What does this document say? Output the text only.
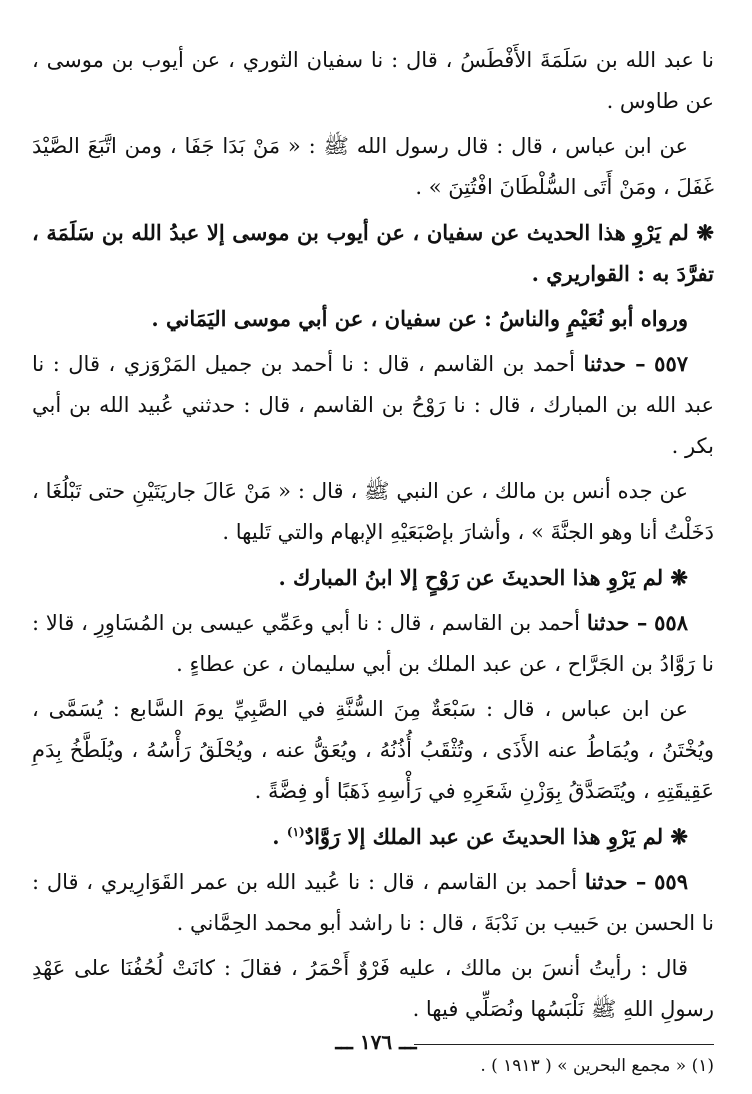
نا عبد الله بن سَلَمَةَ الأَفْطَسُ ، قال : نا سفيان الثوري ، عن أيوب بن موسى ، عن طاوس .

عن ابن عباس ، قال : قال رسول الله ﷺ : « مَنْ بَدَا جَفَا ، ومن اتَّبَعَ الصَّيْدَ غَفَلَ ، ومَنْ أَتَى السُّلْطَانَ افْتُتِنَ » .

❋ لم يَرْوِ هذا الحديث عن سفيان ، عن أيوب بن موسى إلا عبدُ الله بن سَلَمَة ، تفرَّدَ به : القواريري .

ورواه أبو نُعَيْمٍ والناسُ : عن سفيان ، عن أبي موسى اليَمَاني .

٥٥٧ – حدثنا أحمد بن القاسم ، قال : نا أحمد بن جميل المَرْوَزي ، قال : نا عبد الله بن المبارك ، قال : نا رَوْحُ بن القاسم ، قال : حدثني عُبيد الله بن أبي بكر .

عن جده أنس بن مالك ، عن النبي ﷺ ، قال : « مَنْ عَالَ جاريَتَيْنِ حتى تَبْلُغَا ، دَخَلْتُ أنا وهو الجنَّةَ » ، وأشارَ بإصْبَعَيْهِ الإبهام والتي تَليها .

❋ لم يَرْوِ هذا الحديثَ عن رَوْحٍ إلا ابنُ المبارك .

٥٥٨ – حدثنا أحمد بن القاسم ، قال : نا أبي وعَمِّي عيسى بن المُسَاوِرِ ، قالا : نا رَوَّادُ بن الجَرَّاح ، عن عبد الملك بن أبي سليمان ، عن عطاءٍ .

عن ابن عباس ، قال : سَبْعَةٌ مِنَ السُّنَّةِ في الصَّبِيِّ يومَ السَّابع : يُسَمَّى ، ويُخْتَنُ ، ويُمَاطُ عنه الأَذَى ، وتُثْقَبُ أُذُنُهُ ، ويُعَقُّ عنه ، ويُحْلَقُ رَأْسُهُ ، ويُلَطَّخُ بِدَمِ عَقِيقَتِهِ ، ويُتَصَدَّقُ بِوَزْنِ شَعَرِهِ في رَأْسِهِ ذَهَبًا أو فِضَّةً .

❋ لم يَرْوِ هذا الحديثَ عن عبد الملك إلا رَوَّادٌ$^{(١)}$ .

٥٥٩ – حدثنا أحمد بن القاسم ، قال : نا عُبيد الله بن عمر القَوَارِيري ، قال : نا الحسن بن حَبيب بن نَدْبَةَ ، قال : نا راشد أبو محمد الحِمَّاني .

قال : رأيتُ أنسَ بن مالك ، عليه فَرْوٌ أَحْمَرُ ، فقالَ : كانَتْ لُحُفُنَا على عَهْدِ رسولِ اللهِ ﷺ نَلْبَسُها ونُصَلِّي فيها .

(١) « مجمع البحرين » ( ١٩١٣ ) .

ـــ ١٧٦ ـــ
